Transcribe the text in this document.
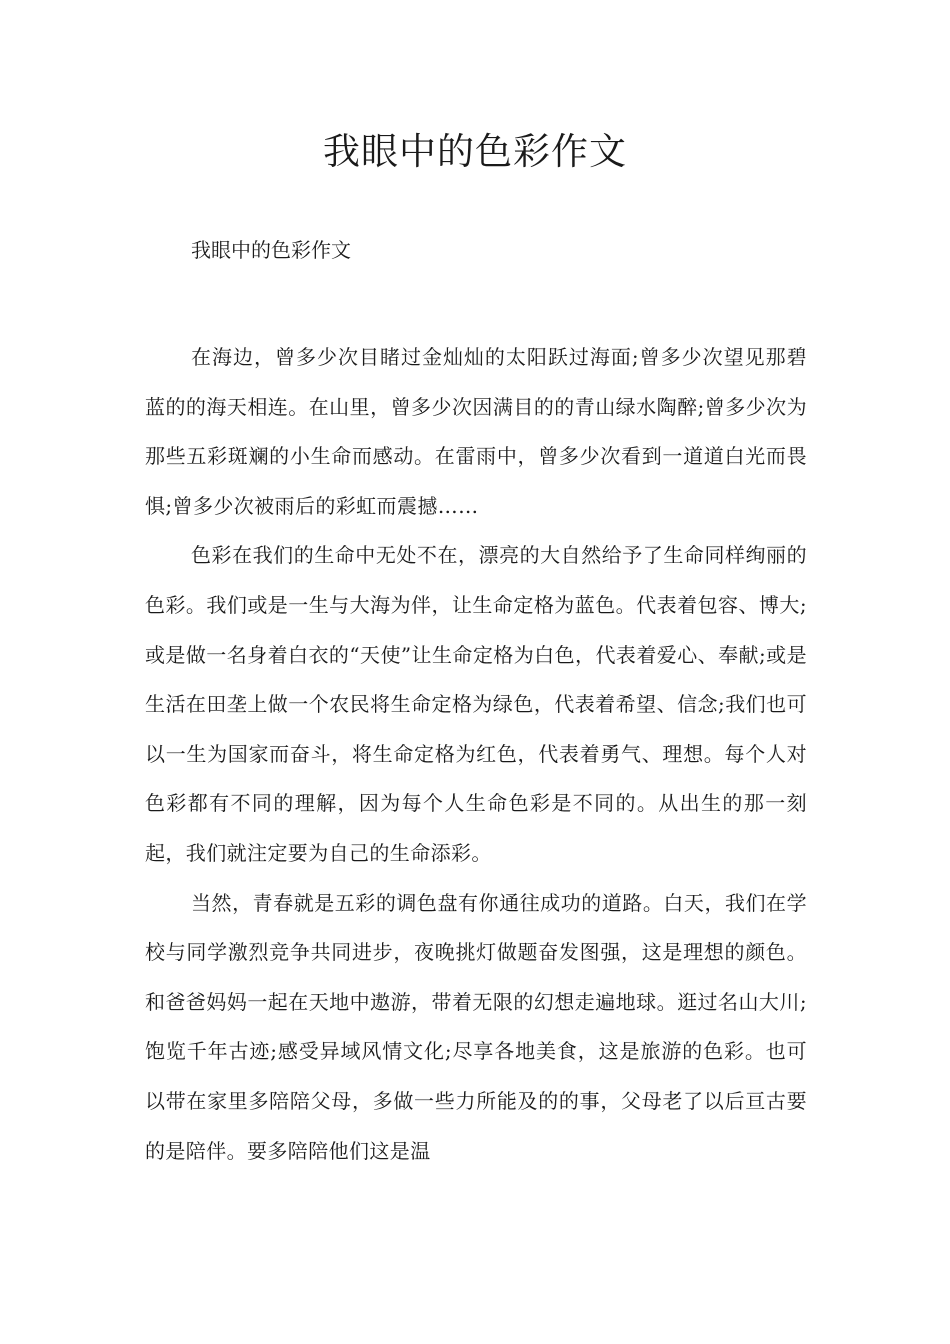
我眼中的色彩作文

我眼中的色彩作文

在海边，曾多少次目睹过金灿灿的太阳跃过海面;曾多少次望见那碧蓝的的海天相连。在山里，曾多少次因满目的的青山绿水陶醉;曾多少次为那些五彩斑斓的小生命而感动。在雷雨中，曾多少次看到一道道白光而畏惧;曾多少次被雨后的彩虹而震撼……

色彩在我们的生命中无处不在，漂亮的大自然给予了生命同样绚丽的色彩。我们或是一生与大海为伴，让生命定格为蓝色。代表着包容、博大;或是做一名身着白衣的“天使”让生命定格为白色，代表着爱心、奉献;或是生活在田垄上做一个农民将生命定格为绿色，代表着希望、信念;我们也可以一生为国家而奋斗，将生命定格为红色，代表着勇气、理想。每个人对色彩都有不同的理解，因为每个人生命色彩是不同的。从出生的那一刻起，我们就注定要为自己的生命添彩。

当然，青春就是五彩的调色盘有你通往成功的道路。白天，我们在学校与同学激烈竞争共同进步，夜晚挑灯做题奋发图强，这是理想的颜色。和爸爸妈妈一起在天地中遨游，带着无限的幻想走遍地球。逛过名山大川;饱览千年古迹;感受异域风情文化;尽享各地美食，这是旅游的色彩。也可以带在家里多陪陪父母，多做一些力所能及的的事，父母老了以后亘古要的是陪伴。要多陪陪他们这是温
